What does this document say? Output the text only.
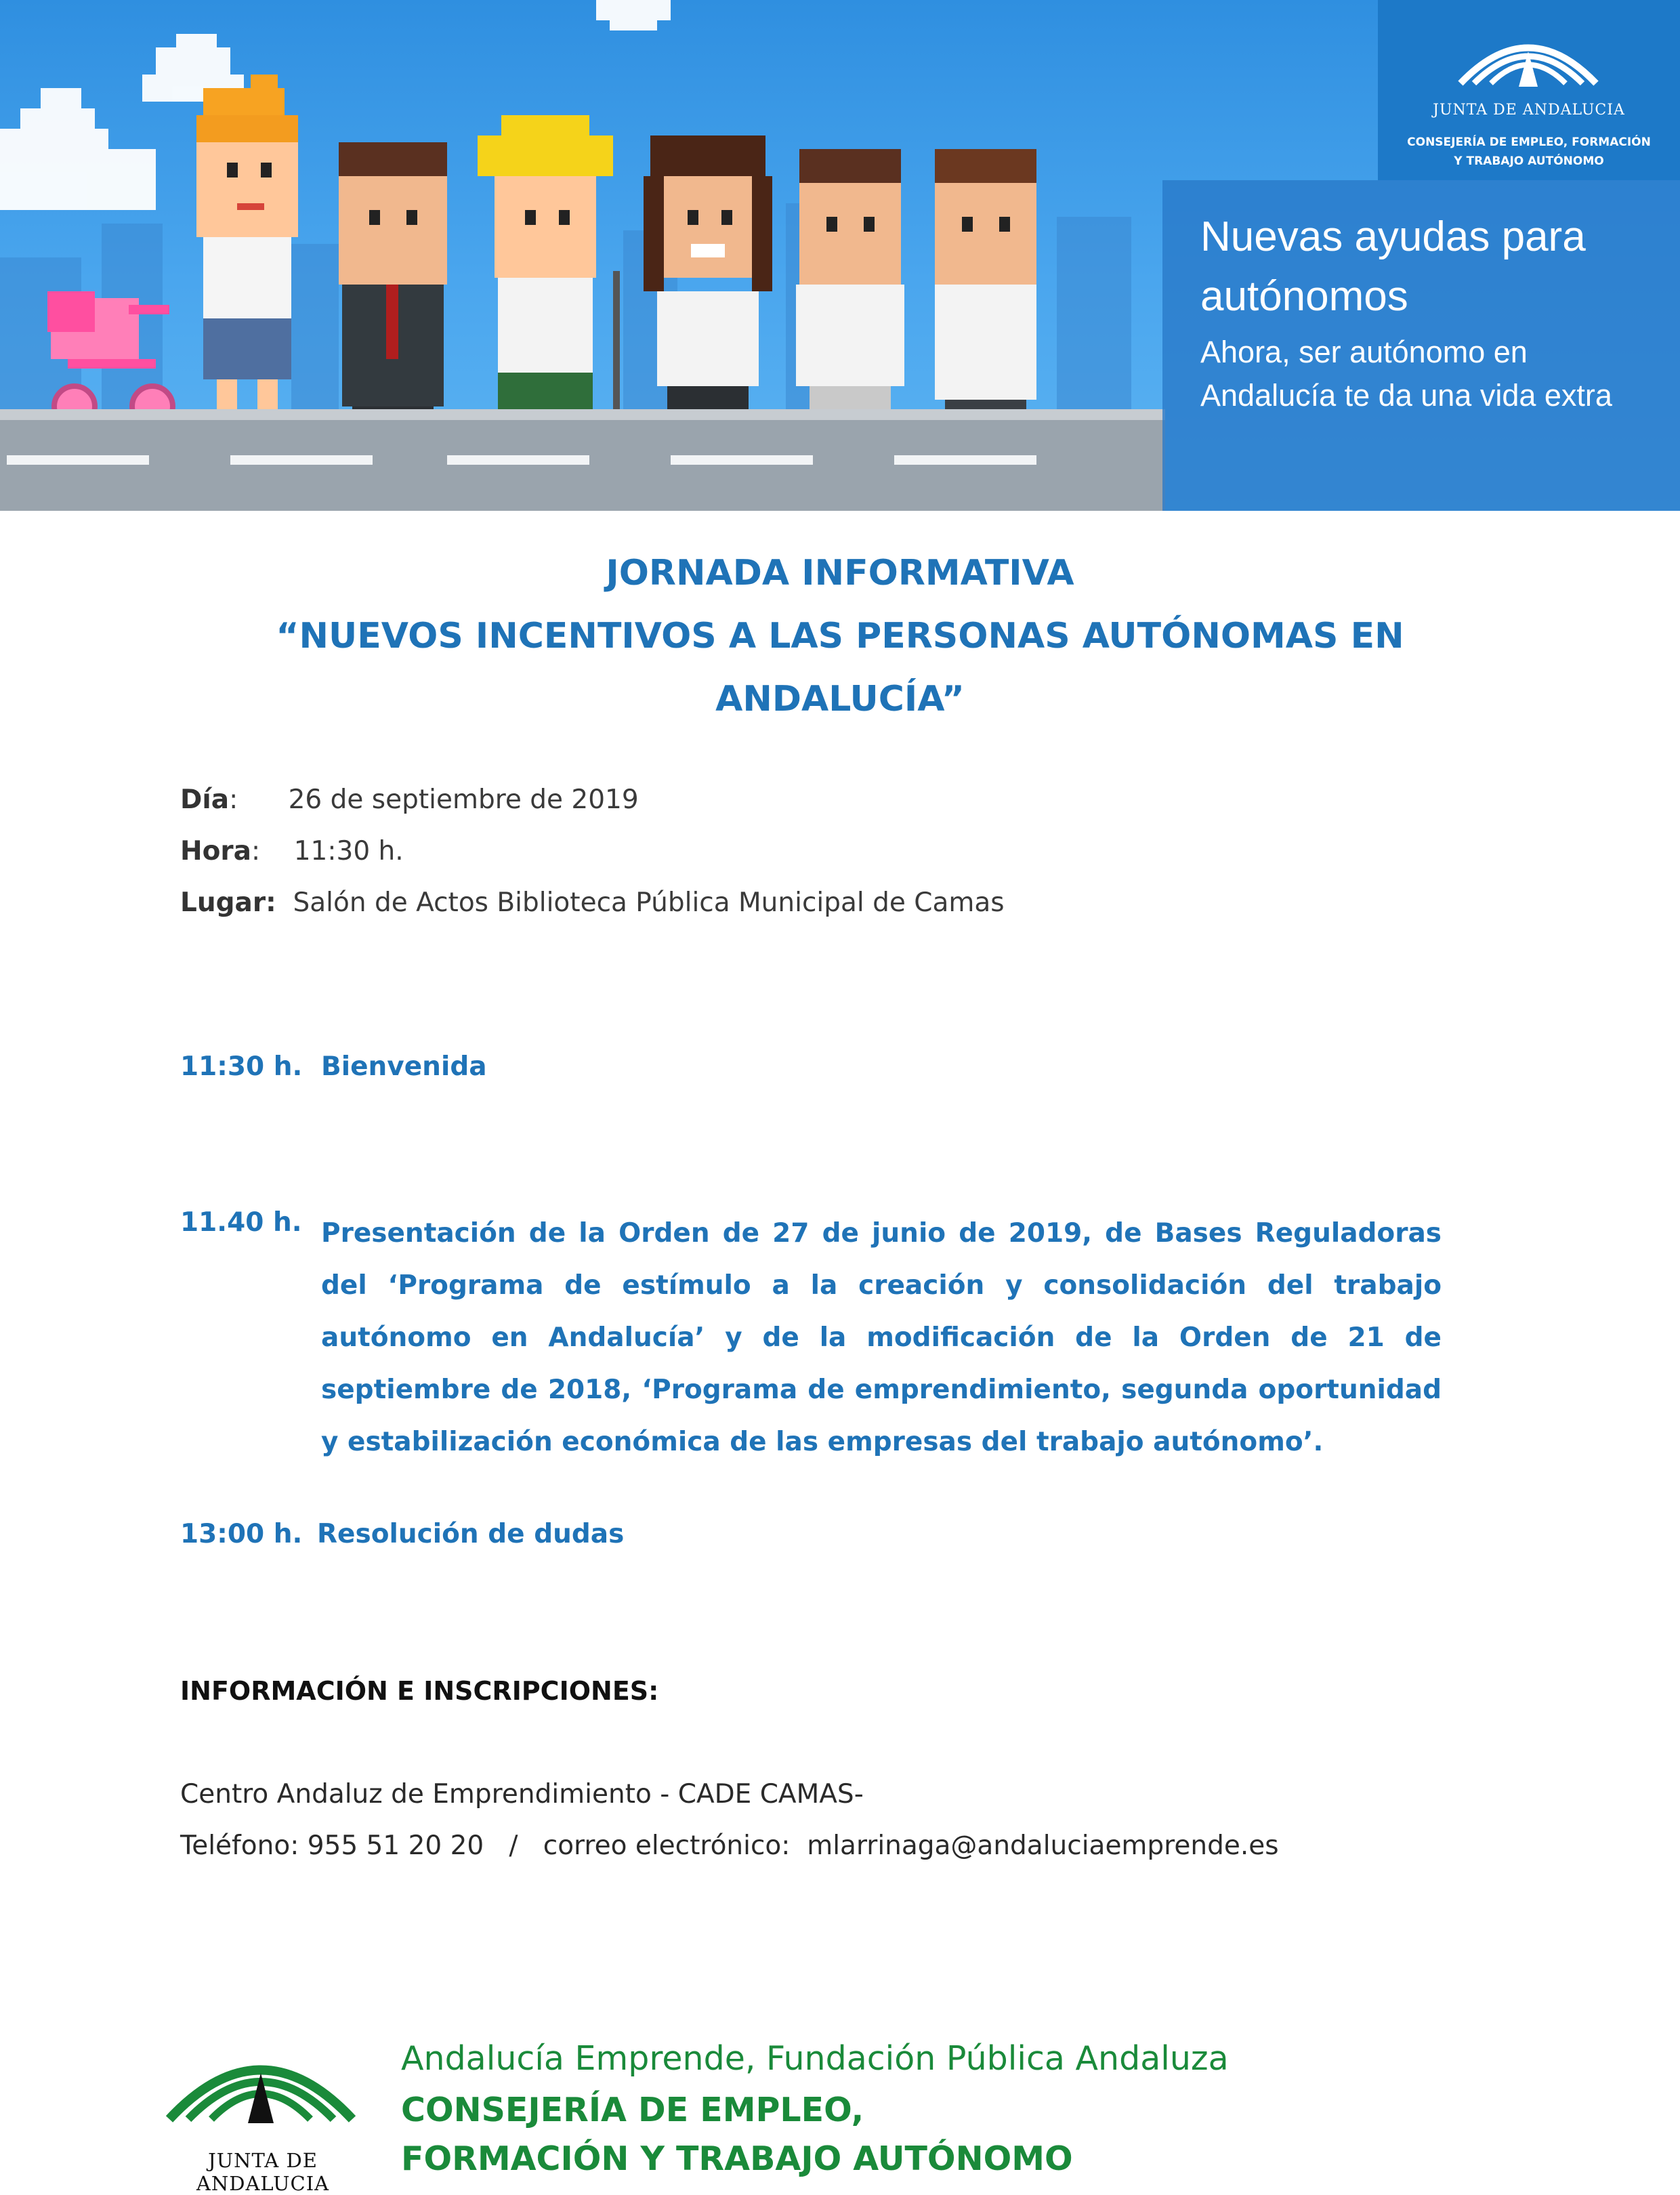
JUNTA DE ANDALUCIA
CONSEJERÍA DE EMPLEO, FORMACIÓN
Y TRABAJO AUTÓNOMO
Nuevas ayudas para autónomos
Ahora, ser autónomo en Andalucía te da una vida extra
JORNADA INFORMATIVA
“NUEVOS INCENTIVOS A LAS PERSONAS AUTÓNOMAS EN
ANDALUCÍA”
Día:      26 de septiembre de 2019
Hora:    11:30 h.
Lugar: Salón de Actos Biblioteca Pública Municipal de Camas
11:30 h. Bienvenida
11.40 h. Presentación de la Orden de 27 de junio de 2019, de Bases Reguladoras del ‘Programa de estímulo a la creación y consolidación del trabajo autónomo en Andalucía’ y de la modificación de la Orden de 21 de septiembre de 2018, ‘Programa de emprendimiento, segunda oportunidad y estabilización económica de las empresas del trabajo autónomo’.
13:00 h. Resolución de dudas
INFORMACIÓN E INSCRIPCIONES:
Centro Andaluz de Emprendimiento - CADE CAMAS-
Teléfono: 955 51 20 20   /   correo electrónico:  mlarrinaga@andaluciaemprende.es
JUNTA DE ANDALUCIA
Andalucía Emprende, Fundación Pública Andaluza
CONSEJERÍA DE EMPLEO,
FORMACIÓN Y TRABAJO AUTÓNOMO
